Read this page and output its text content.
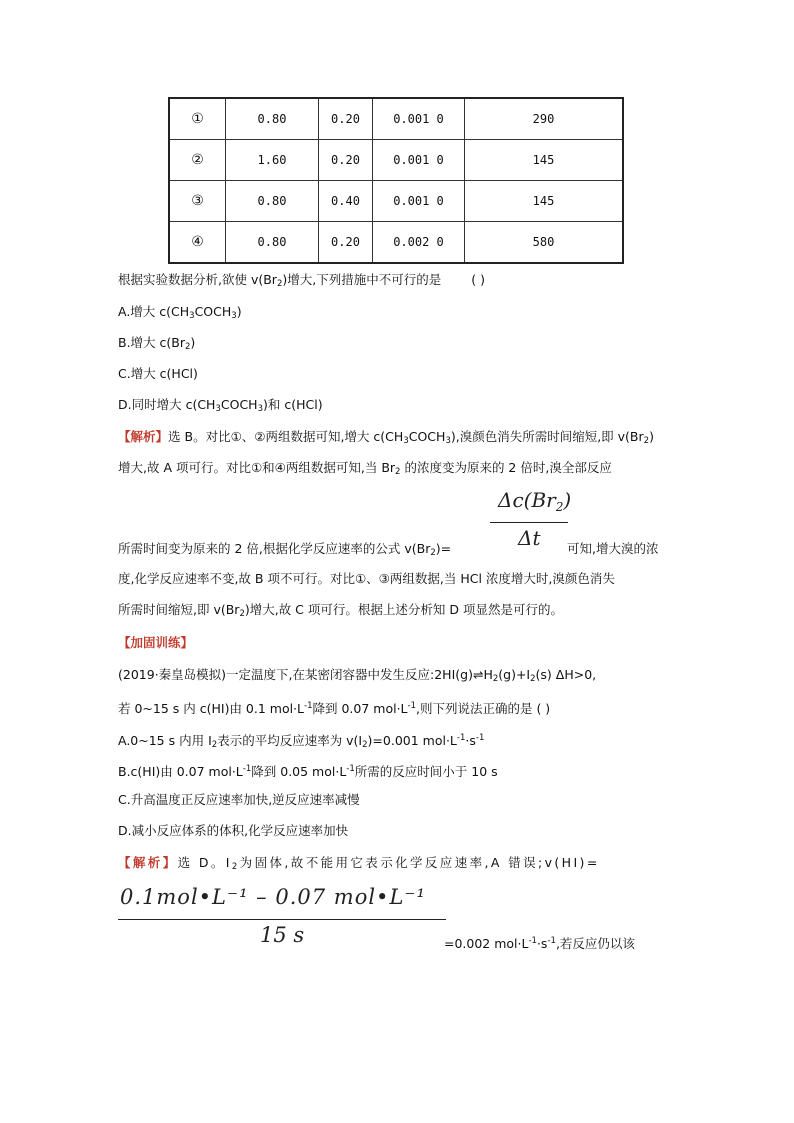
①	0.80	0.20	0.001 0	290
②	1.60	0.20	0.001 0	145
③	0.80	0.40	0.001 0	145
④	0.80	0.20	0.002 0	580
根据实验数据分析,欲使 $v(Br_2)$增大,下列措施中不可行的是 ( )
A.增大 $c(CH_3COCH_3)$
B.增大 $c(Br_2)$
C.增大 c(HCl)
D.同时增大 $c(CH_3COCH_3)$和 c(HCl)
【解析】选 B。对比①、②两组数据可知,增大 $c(CH_3COCH_3)$,溴颜色消失所需时间缩短,即 $v(Br_2)$
增大,故 A 项可行。对比①和④两组数据可知,当 $Br_2$ 的浓度变为原来的 2 倍时,溴全部反应
$\Delta c(Br_2)$
Δt
所需时间变为原来的 2 倍,根据化学反应速率的公式 $v(Br_2)=$	可知,增大溴的浓
度,化学反应速率不变,故 B 项不可行。对比①、③两组数据,当 HCl 浓度增大时,溴颜色消失
所需时间缩短,即 $v(Br_2)$增大,故 C 项可行。根据上述分析知 D 项显然是可行的。
【加固训练】
(2019·秦皇岛模拟)一定温度下,在某密闭容器中发生反应$:2HI(g)\rightleftharpoons H_2(g)+I_2(s)$ ΔH>0,
若 0~15 s 内 c(HI)由 0.1 $mol\cdot L^{-1}$降到 0.07 $mol\cdot L^{-1}$,则下列说法正确的是 ( )
A.0~15 s 内用 $I_2$表示的平均反应速率为 $v(I_2)=0.001$ $mol\cdot L^{-1}\cdot s^{-1}$
B.c(HI)由 0.07 $mol\cdot L^{-1}$降到 0.05 $mol\cdot L^{-1}$所需的反应时间小于 10 s
C.升高温度正反应速率加快,逆反应速率减慢
D.减小反应体系的体积,化学反应速率加快
【解析】选 D。$I_2$为固体,故不能用它表示化学反应速率,A 错误;v(HI)=
0.1mol•L⁻¹ – 0.07 mol•L⁻¹
15 s	=0.002 $mol\cdot L^{-1}\cdot s^{-1}$,若反应仍以该
